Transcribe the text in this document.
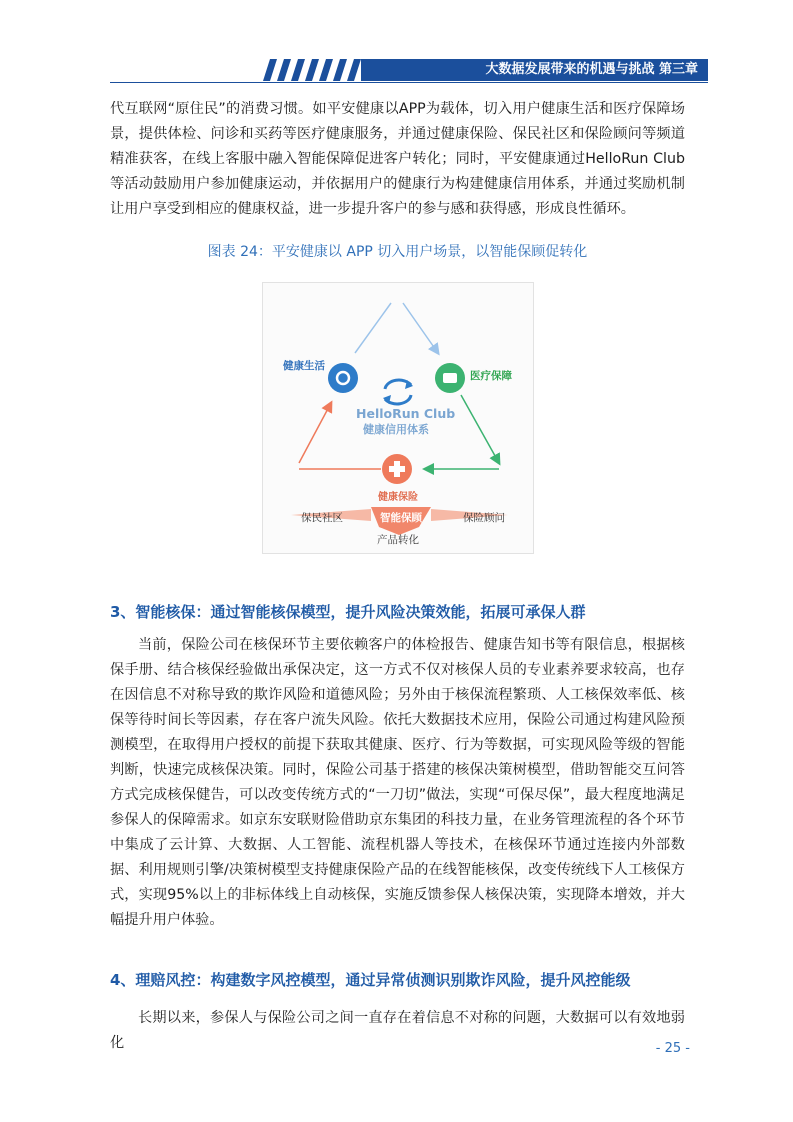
大数据发展带来的机遇与挑战 第三章

代互联网“原住民”的消费习惯。如平安健康以APP为载体，切入用户健康生活和医疗保障场景，提供体检、问诊和买药等医疗健康服务，并通过健康保险、保民社区和保险顾问等频道精准获客，在线上客服中融入智能保障促进客户转化；同时，平安健康通过HelloRun Club等活动鼓励用户参加健康运动，并依据用户的健康行为构建健康信用体系，并通过奖励机制让用户享受到相应的健康权益，进一步提升客户的参与感和获得感，形成良性循环。

图表 24：平安健康以 APP 切入用户场景，以智能保顾促转化

健康生活
医疗保障
HelloRun Club
健康信用体系
健康保险
保民社区	智能保顾	保险顾问
产品转化
3、智能核保：通过智能核保模型，提升风险决策效能，拓展可承保人群

当前，保险公司在核保环节主要依赖客户的体检报告、健康告知书等有限信息，根据核保手册、结合核保经验做出承保决定，这一方式不仅对核保人员的专业素养要求较高，也存在因信息不对称导致的欺诈风险和道德风险；另外由于核保流程繁琐、人工核保效率低、核保等待时间长等因素，存在客户流失风险。依托大数据技术应用，保险公司通过构建风险预测模型，在取得用户授权的前提下获取其健康、医疗、行为等数据，可实现风险等级的智能判断，快速完成核保决策。同时，保险公司基于搭建的核保决策树模型，借助智能交互问答方式完成核保健告，可以改变传统方式的“一刀切”做法，实现“可保尽保”，最大程度地满足参保人的保障需求。如京东安联财险借助京东集团的科技力量，在业务管理流程的各个环节中集成了云计算、大数据、人工智能、流程机器人等技术，在核保环节通过连接内外部数据、利用规则引擎/决策树模型支持健康保险产品的在线智能核保，改变传统线下人工核保方式，实现95%以上的非标体线上自动核保，实施反馈参保人核保决策，实现降本增效，并大幅提升用户体验。

4、理赔风控：构建数字风控模型，通过异常侦测识别欺诈风险，提升风控能级

长期以来，参保人与保险公司之间一直存在着信息不对称的问题，大数据可以有效地弱化	- 25 -
